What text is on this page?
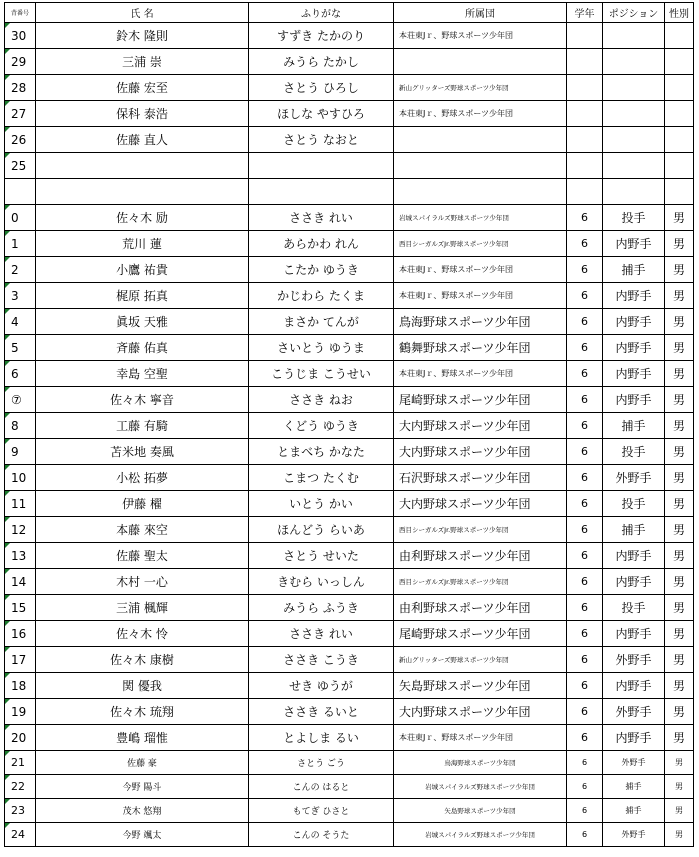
背番号	氏 名	ふりがな	所属団	学年	ポジション	性別
30	鈴木 隆則	すずき たかのり	本荘東Jｒ、野球スポーツ少年団			
29	三浦 崇	みうら たかし				
28	佐藤 宏至	さとう ひろし	新山グリッターズ野球スポーツ少年団			
27	保科 泰浩	ほしな やすひろ	本荘東Jｒ、野球スポーツ少年団			
26	佐藤 直人	さとう なおと				
25

0	佐々木 励	ささき れい	岩城スパイラルズ野球スポーツ少年団	6	投手	男
1	荒川 蓮	あらかわ れん	西目シーガルズJr.野球スポーツ少年団	6	内野手	男
2	小鷹 祐貴	こたか ゆうき	本荘東Jｒ、野球スポーツ少年団	6	捕手	男
3	梶原 拓真	かじわら たくま	本荘東Jｒ、野球スポーツ少年団	6	内野手	男
4	眞坂 天雅	まさか てんが	鳥海野球スポーツ少年団	6	内野手	男
5	斉藤 佑真	さいとう ゆうま	鶴舞野球スポーツ少年団	6	内野手	男
6	幸島 空聖	こうじま こうせい	本荘東Jｒ、野球スポーツ少年団	6	内野手	男
⑦	佐々木 寧音	ささき ねお	尾崎野球スポーツ少年団	6	内野手	男
8	工藤 有騎	くどう ゆうき	大内野球スポーツ少年団	6	捕手	男
9	苫米地 奏風	とまべち かなた	大内野球スポーツ少年団	6	投手	男
10	小松 拓夢	こまつ たくむ	石沢野球スポーツ少年団	6	外野手	男
11	伊藤 櫂	いとう かい	大内野球スポーツ少年団	6	投手	男
12	本藤 來空	ほんどう らいあ	西目シーガルズJr.野球スポーツ少年団	6	捕手	男
13	佐藤 聖太	さとう せいた	由利野球スポーツ少年団	6	内野手	男
14	木村 一心	きむら いっしん	西目シーガルズJr.野球スポーツ少年団	6	内野手	男
15	三浦 楓輝	みうら ふうき	由利野球スポーツ少年団	6	投手	男
16	佐々木 怜	ささき れい	尾崎野球スポーツ少年団	6	内野手	男
17	佐々木 康樹	ささき こうき	新山グリッターズ野球スポーツ少年団	6	外野手	男
18	関 優我	せき ゆうが	矢島野球スポーツ少年団	6	内野手	男
19	佐々木 琉翔	ささき るいと	大内野球スポーツ少年団	6	外野手	男
20	豊嶋 瑠惟	とよしま るい	本荘東Jｒ、野球スポーツ少年団	6	内野手	男
21	佐藤 豪	さとう ごう	鳥海野球スポーツ少年団	6	外野手	男
22	今野 陽斗	こんの はると	岩城スパイラルズ野球スポーツ少年団	6	捕手	男
23	茂木 悠翔	もてぎ ひさと	矢島野球スポーツ少年団	6	捕手	男
24	今野 颯太	こんの そうた	岩城スパイラルズ野球スポーツ少年団	6	外野手	男
